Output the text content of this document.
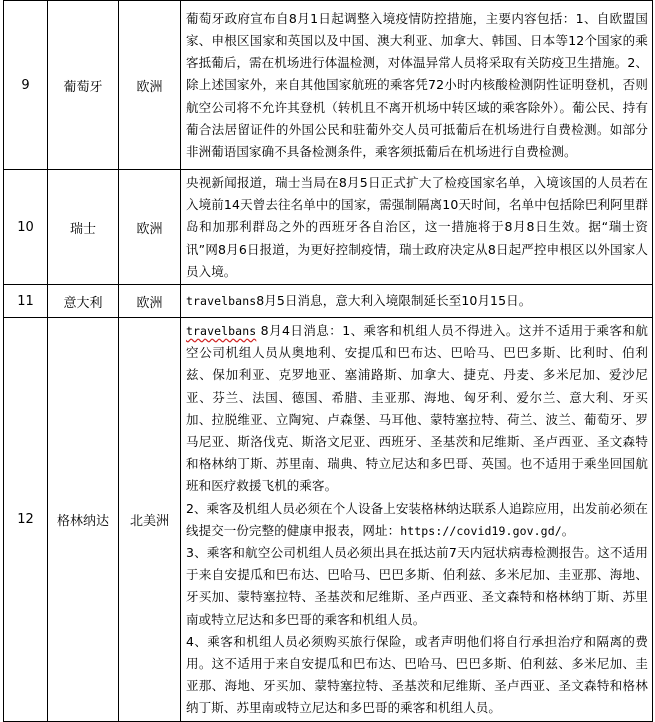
9	葡萄牙	欧洲	葡萄牙政府宣布自8月1日起调整入境疫情防控措施，主要内容包括：1、自欧盟国家、申根区国家和英国以及中国、澳大利亚、加拿大、韩国、日本等12个国家的乘客抵葡后，需在机场进行体温检测，对体温异常人员将采取有关防疫卫生措施。2、除上述国家外，来自其他国家航班的乘客凭72小时内核酸检测阴性证明登机，否则航空公司将不允许其登机（转机且不离开机场中转区域的乘客除外）。葡公民、持有葡合法居留证件的外国公民和驻葡外交人员可抵葡后在机场进行自费检测。如部分非洲葡语国家确不具备检测条件，乘客须抵葡后在机场进行自费检测。

10	瑞士	欧洲	央视新闻报道，瑞士当局在8月5日正式扩大了检疫国家名单，入境该国的人员若在入境前14天曾去往名单中的国家，需强制隔离10天时间，名单中包括除巴利阿里群岛和加那利群岛之外的西班牙各自治区，这一措施将于8月8日生效。据“瑞士资讯”网8月6日报道，为更好控制疫情，瑞士政府决定从8日起严控申根区以外国家人员入境。

11	意大利	欧洲	travelbans8月5日消息，意大利入境限制延长至10月15日。
12	格林纳达	北美洲	travelbans 8月4日消息：1、乘客和机组人员不得进入。这并不适用于乘客和航空公司机组人员从奥地利、安提瓜和巴布达、巴哈马、巴巴多斯、比利时、伯利兹、保加利亚、克罗地亚、塞浦路斯、加拿大、捷克、丹麦、多米尼加、爱沙尼亚、芬兰、法国、德国、希腊、圭亚那、海地、匈牙利、爱尔兰、意大利、牙买加、拉脱维亚、立陶宛、卢森堡、马耳他、蒙特塞拉特、荷兰、波兰、葡萄牙、罗马尼亚、斯洛伐克、斯洛文尼亚、西班牙、圣基茨和尼维斯、圣卢西亚、圣文森特和格林纳丁斯、苏里南、瑞典、特立尼达和多巴哥、英国。也不适用于乘坐回国航班和医疗救援飞机的乘客。
2、乘客及机组人员必须在个人设备上安装格林纳达联系人追踪应用，出发前必须在线提交一份完整的健康申报表，网址：https://covid19.gov.gd/。
3、乘客和航空公司机组人员必须出具在抵达前7天内冠状病毒检测报告。这不适用于来自安提瓜和巴布达、巴哈马、巴巴多斯、伯利兹、多米尼加、圭亚那、海地、牙买加、蒙特塞拉特、圣基茨和尼维斯、圣卢西亚、圣文森特和格林纳丁斯、苏里南或特立尼达和多巴哥的乘客和机组人员。
4、乘客和机组人员必须购买旅行保险，或者声明他们将自行承担治疗和隔离的费用。这不适用于来自安提瓜和巴布达、巴哈马、巴巴多斯、伯利兹、多米尼加、圭亚那、海地、牙买加、蒙特塞拉特、圣基茨和尼维斯、圣卢西亚、圣文森特和格林纳丁斯、苏里南或特立尼达和多巴哥的乘客和机组人员。
